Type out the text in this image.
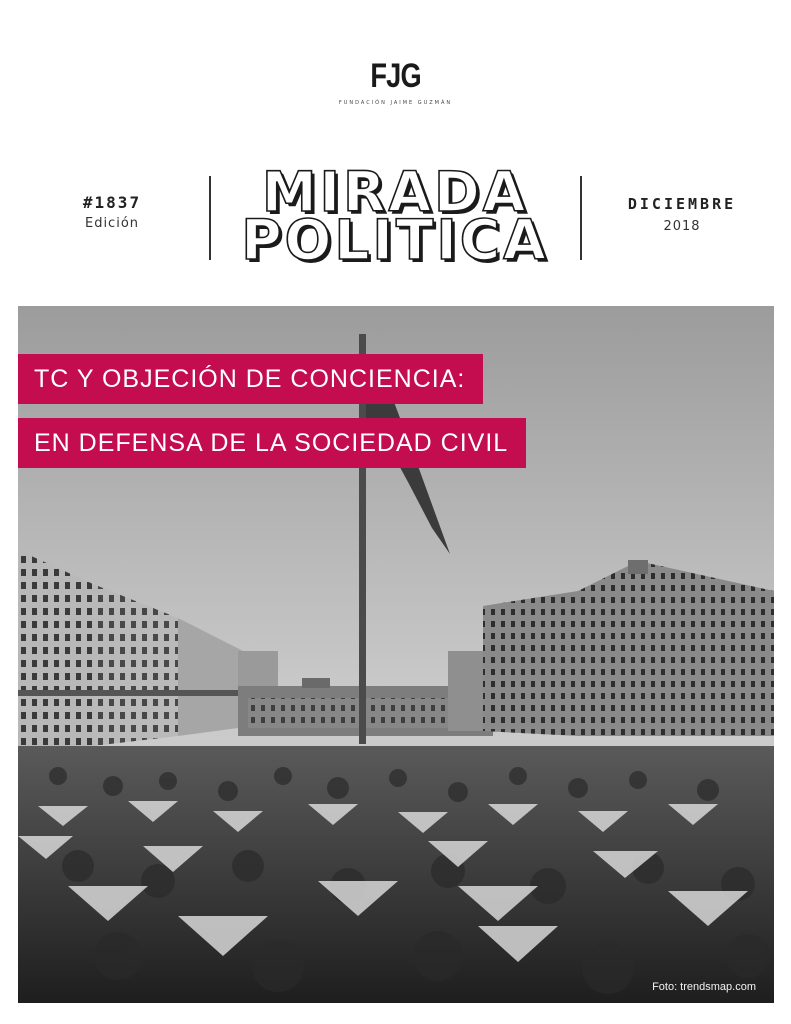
FJG
FUNDACIÓN JAIME GUZMÁN
#1837
Edición	MIRADA
POLITICA
DICIEMBRE
2018
TC Y OBJECIÓN DE CONCIENCIA:
EN DEFENSA DE LA SOCIEDAD CIVIL
Foto: trendsmap.com
